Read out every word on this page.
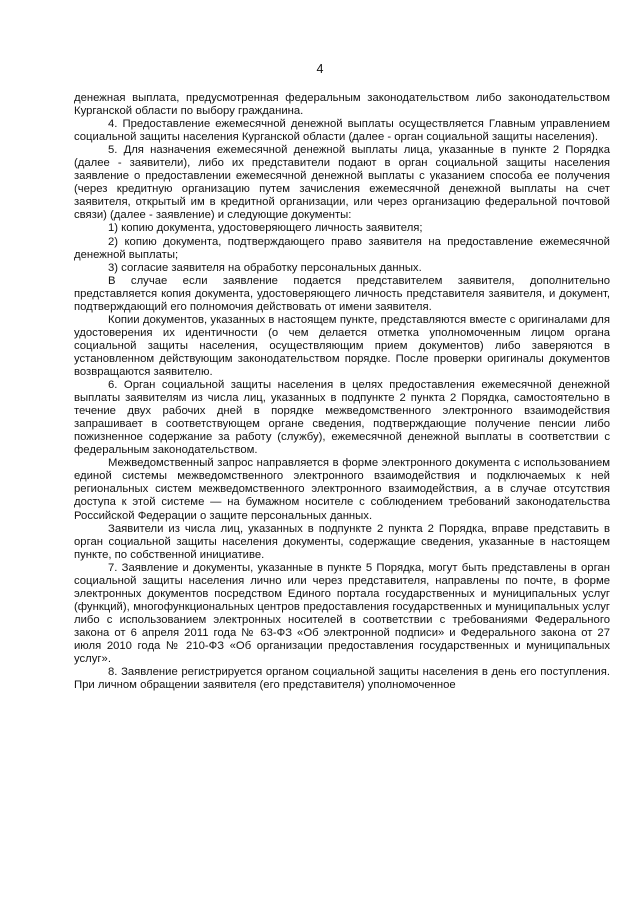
4

денежная выплата, предусмотренная федеральным законодательством либо законодательством Курганской области по выбору гражданина.

4. Предоставление ежемесячной денежной выплаты осуществляется Главным управлением социальной защиты населения Курганской области (далее - орган социальной защиты населения).

5. Для назначения ежемесячной денежной выплаты лица, указанные в пункте 2 Порядка (далее - заявители), либо их представители подают в орган социальной защиты населения заявление о предоставлении ежемесячной денежной выплаты с указанием способа ее получения (через кредитную организацию путем зачисления ежемесячной денежной выплаты на счет заявителя, открытый им в кредитной организации, или через организацию федеральной почтовой связи) (далее - заявление) и следующие документы:

1) копию документа, удостоверяющего личность заявителя;

2) копию документа, подтверждающего право заявителя на предоставление ежемесячной денежной выплаты;

3) согласие заявителя на обработку персональных данных.

В случае если заявление подается представителем заявителя, дополнительно представляется копия документа, удостоверяющего личность представителя заявителя, и документ, подтверждающий его полномочия действовать от имени заявителя.

Копии документов, указанных в настоящем пункте, представляются вместе с оригиналами для удостоверения их идентичности (о чем делается отметка уполномоченным лицом органа социальной защиты населения, осуществляющим прием документов) либо заверяются в установленном действующим законодательством порядке. После проверки оригиналы документов возвращаются заявителю.

6. Орган социальной защиты населения в целях предоставления ежемесячной денежной выплаты заявителям из числа лиц, указанных в подпункте 2 пункта 2 Порядка, самостоятельно в течение двух рабочих дней в порядке межведомственного электронного взаимодействия запрашивает в соответствующем органе сведения, подтверждающие получение пенсии либо пожизненное содержание за работу (службу), ежемесячной денежной выплаты в соответствии с федеральным законодательством.

Межведомственный запрос направляется в форме электронного документа с использованием единой системы межведомственного электронного взаимодействия и подключаемых к ней региональных систем межведомственного электронного взаимодействия, а в случае отсутствия доступа к этой системе — на бумажном носителе с соблюдением требований законодательства Российской Федерации о защите персональных данных.

Заявители из числа лиц, указанных в подпункте 2 пункта 2 Порядка, вправе представить в орган социальной защиты населения документы, содержащие сведения, указанные в настоящем пункте, по собственной инициативе.

7. Заявление и документы, указанные в пункте 5 Порядка, могут быть представлены в орган социальной защиты населения лично или через представителя, направлены по почте, в форме электронных документов посредством Единого портала государственных и муниципальных услуг (функций), многофункциональных центров предоставления государственных и муниципальных услуг либо с использованием электронных носителей в соответствии с требованиями Федерального закона от 6 апреля 2011 года № 63-ФЗ «Об электронной подписи» и Федерального закона от 27 июля 2010 года № 210-ФЗ «Об организации предоставления государственных и муниципальных услуг».

8. Заявление регистрируется органом социальной защиты населения в день его поступления. При личном обращении заявителя (его представителя) уполномоченное
